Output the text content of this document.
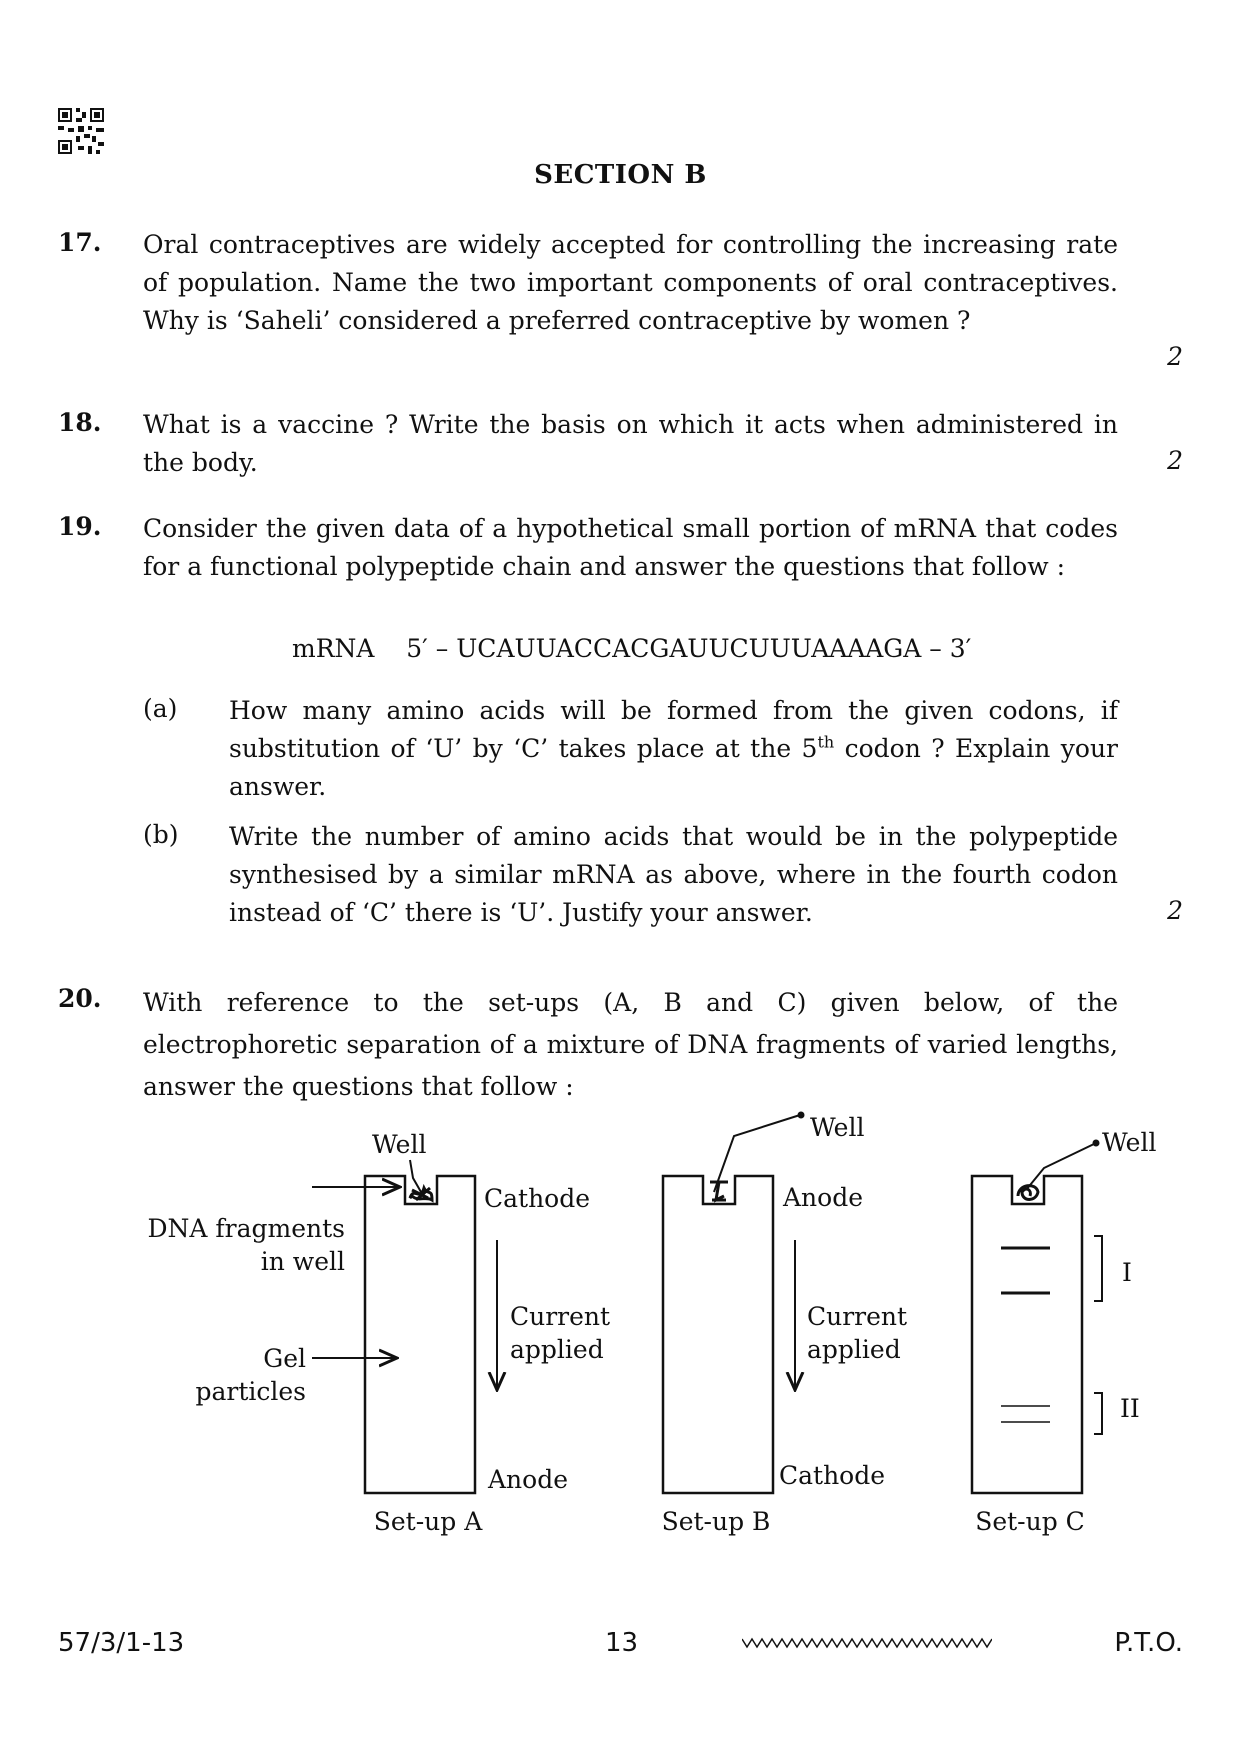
SECTION B
17. Oral contraceptives are widely accepted for controlling the increasing rate of population. Name the two important components of oral contraceptives. Why is ‘Saheli’ considered a preferred contraceptive by women ?
2
18. What is a vaccine ? Write the basis on which it acts when administered in the body.	2
19. Consider the given data of a hypothetical small portion of mRNA that codes for a functional polypeptide chain and answer the questions that follow :
mRNA 5′ – UCAUUACCACGAUUCUUUAAAAGA – 3′
(a) How many amino acids will be formed from the given codons, if substitution of ‘U’ by ‘C’ takes place at the 5th codon ? Explain your answer.
(b) Write the number of amino acids that would be in the polypeptide synthesised by a similar mRNA as above, where in the fourth codon instead of ‘C’ there is ‘U’. Justify your answer.	2
20. With reference to the set-ups (A, B and C) given below, of the electrophoretic separation of a mixture of DNA fragments of varied lengths, answer the questions that follow :
Well
DNA fragments
in well
Gel
particles
Cathode
Current
applied
Anode
Set-up A
Well
Anode
Current
applied
Cathode
Set-up B
Well
I
II
Set-up C
57/3/1-13	13	P.T.O.
